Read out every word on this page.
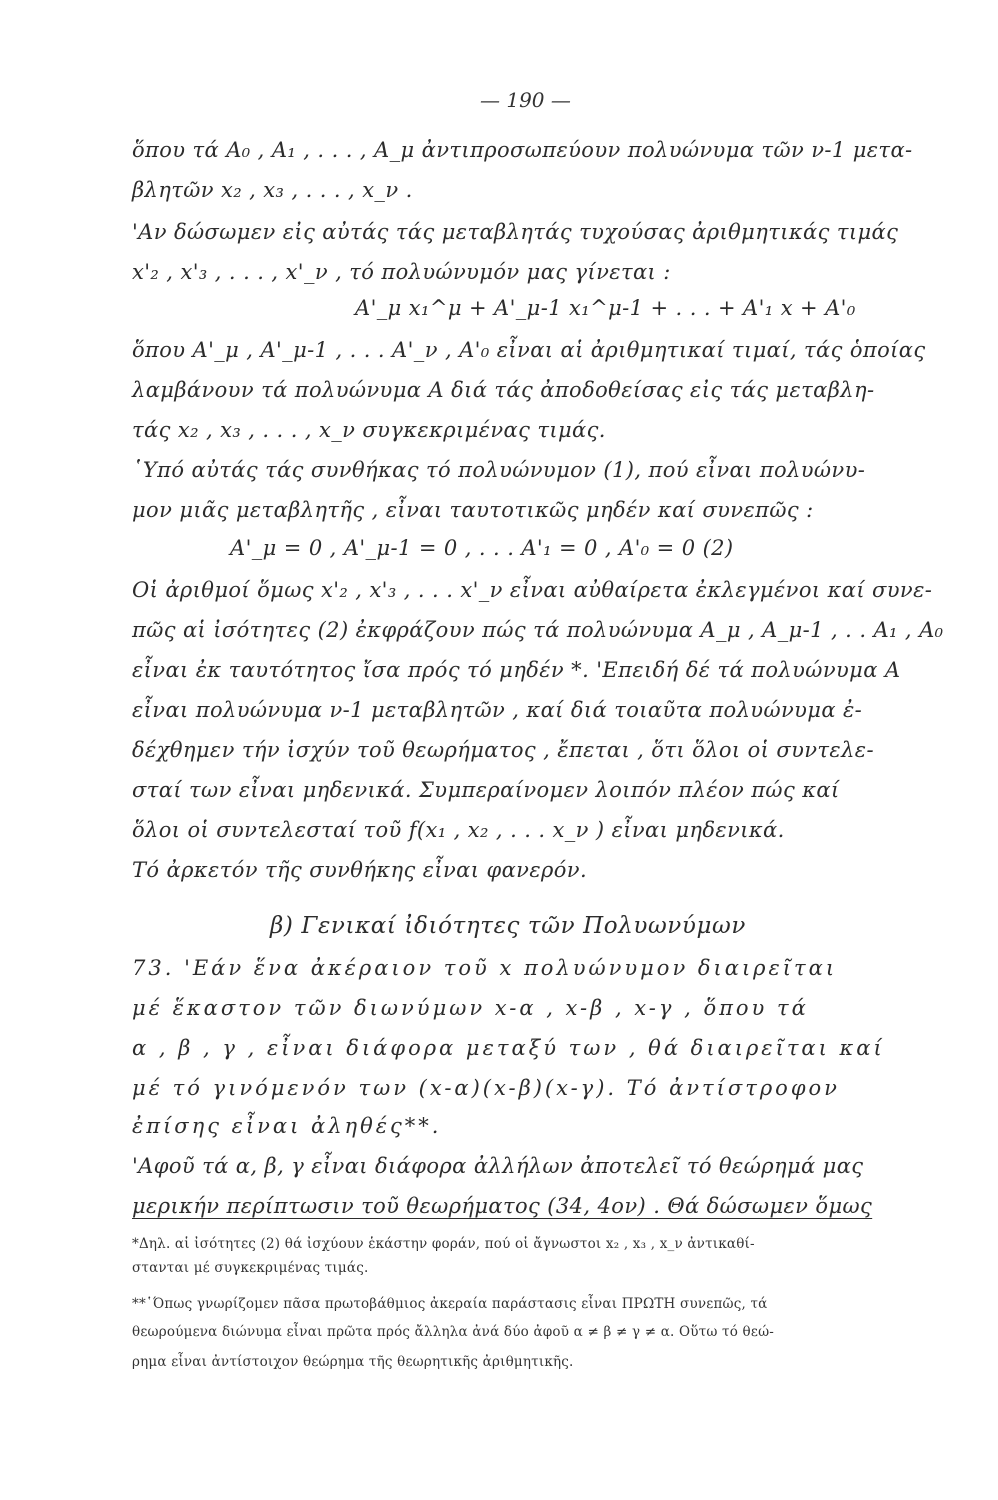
— 190 —
ὅπου τά A₀ , A₁ , . . . , A_μ ἀντιπροσωπεύουν πολυώνυμα τῶν ν-1 μετα-
βλητῶν x₂ , x₃ , . . . , x_ν .
'Αν δώσωμεν εἰς αὐτάς τάς μεταβλητάς τυχούσας ἀριθμητικάς τιμάς
x'₂ , x'₃ , . . . , x'_ν , τό πολυώνυμόν μας γίνεται :
A'_μ x₁^μ + A'_μ-1 x₁^μ-1 + . . . + A'₁ x + A'₀
ὅπου A'_μ , A'_μ-1 , . . . A'_ν , A'₀ εἶναι αἱ ἀριθμητικαί τιμαί, τάς ὁποίας
λαμβάνουν τά πολυώνυμα A διά τάς ἀποδοθείσας εἰς τάς μεταβλη-
τάς x₂ , x₃ , . . . , x_ν συγκεκριμένας τιμάς.
῾Υπό αὐτάς τάς συνθήκας τό πολυώνυμον (1), πού εἶναι πολυώνυ-
μον μιᾶς μεταβλητῆς , εἶναι ταυτοτικῶς μηδέν καί συνεπῶς :
A'_μ = 0 , A'_μ-1 = 0 , . . . A'₁ = 0 , A'₀ = 0 (2)
Οἱ ἀριθμοί ὅμως x'₂ , x'₃ , . . . x'_ν εἶναι αὐθαίρετα ἐκλεγμένοι καί συνε-
πῶς αἱ ἰσότητες (2) ἐκφράζουν πώς τά πολυώνυμα A_μ , A_μ-1 , . . A₁ , A₀
εἶναι ἐκ ταυτότητος ἴσα πρός τό μηδέν *. 'Επειδή δέ τά πολυώνυμα A
εἶναι πολυώνυμα ν-1 μεταβλητῶν , καί διά τοιαῦτα πολυώνυμα ἐ-
δέχθημεν τήν ἰσχύν τοῦ θεωρήματος , ἔπεται , ὅτι ὅλοι οἱ συντελε-
σταί των εἶναι μηδενικά. Συμπεραίνομεν λοιπόν πλέον πώς καί
ὅλοι οἱ συντελεσταί τοῦ f(x₁ , x₂ , . . . x_ν ) εἶναι μηδενικά.
Τό ἀρκετόν τῆς συνθήκης εἶναι φανερόν.
β) Γενικαί ἰδιότητες τῶν Πολυωνύμων
73. 'Εάν ἕνα ἀκέραιον τοῦ x πολυώνυμον διαιρεῖται
μέ ἕκαστον τῶν διωνύμων x-α , x-β , x-γ , ὅπου τά
α , β , γ , εἶναι διάφορα μεταξύ των , θά διαιρεῖται καί
μέ τό γινόμενόν των (x-α)(x-β)(x-γ). Τό ἀντίστροφον
ἐπίσης εἶναι ἀληθές**.
'Αφοῦ τά α, β, γ εἶναι διάφορα ἀλλήλων ἀποτελεῖ τό θεώρημά μας
μερικήν περίπτωσιν τοῦ θεωρήματος (34, 4ον) . Θά δώσωμεν ὅμως
*Δηλ. αἱ ἰσότητες (2) θά ἰσχύουν ἑκάστην φοράν, πού οἱ ἄγνωστοι x₂ , x₃ , x_ν ἀντικαθί-
στανται μέ συγκεκριμένας τιμάς.
**῾Όπως γνωρίζομεν πᾶσα πρωτοβάθμιος ἀκεραία παράστασις εἶναι ΠΡΩΤΗ συνεπῶς, τά
θεωρούμενα διώνυμα εἶναι πρῶτα πρός ἄλληλα ἀνά δύο ἀφοῦ α ≠ β ≠ γ ≠ α. Οὕτω τό θεώ-
ρημα εἶναι ἀντίστοιχον θεώρημα τῆς θεωρητικῆς ἀριθμητικῆς.
